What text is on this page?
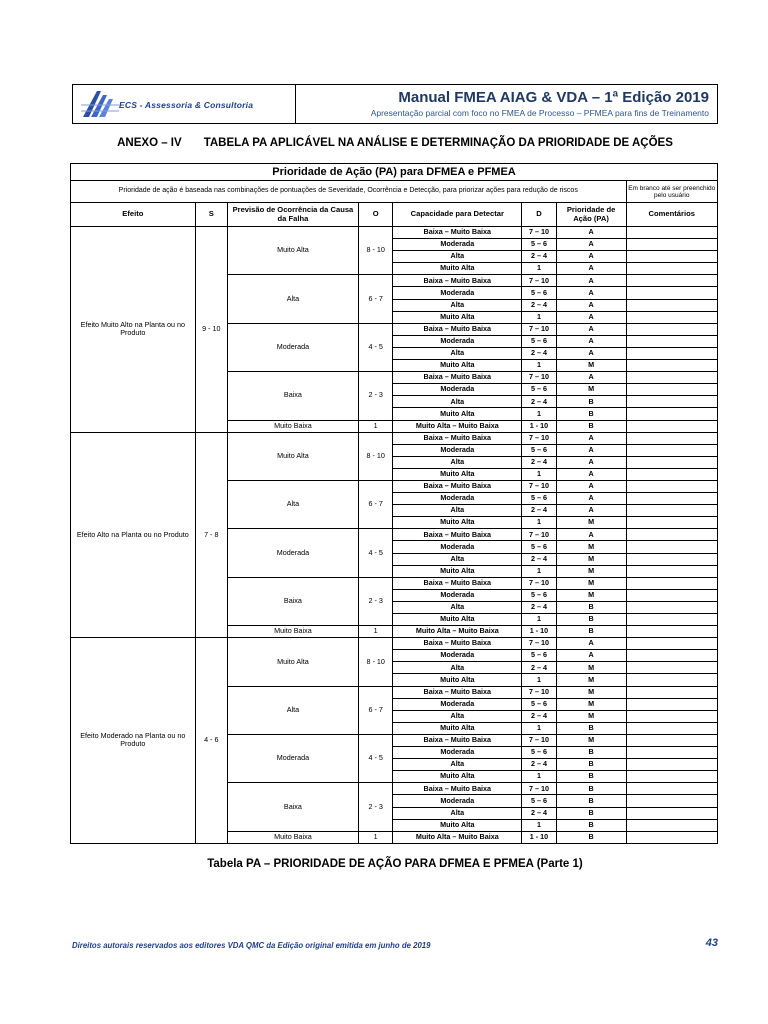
ECS - Assessoria & Consultoria	Manual FMEA AIAG & VDA – 1ª Edição 2019
Apresentação parcial com foco no FMEA de Processo – PFMEA para fins de Treinamento
ANEXO – IV TABELA PA APLICÁVEL NA ANÁLISE E DETERMINAÇÃO DA PRIORIDADE DE AÇÕES
Prioridade de Ação (PA) para DFMEA e PFMEA							
Prioridade de ação é baseada nas combinações de pontuações de Severidade, Ocorrência e Detecção, para priorizar ações para redução de riscos							Em branco até ser preenchido pelo usuário
Efeito	S	Previsão de Ocorrência da Causa da Falha	O	Capacidade para Detectar	D	Prioridade de Ação (PA)	Comentários
Efeito Muito Alto na Planta ou no Produto	9 - 10	Muito Alta	8 - 10	Baixa – Muito Baixa	7 – 10	A	
				Moderada	5 – 6	A	
				Alta	2 – 4	A	
				Muito Alta	1	A	
		Alta	6 - 7	Baixa – Muito Baixa	7 – 10	A	
				Moderada	5 – 6	A	
				Alta	2 – 4	A	
				Muito Alta	1	A	
		Moderada	4 - 5	Baixa – Muito Baixa	7 – 10	A	
				Moderada	5 – 6	A	
				Alta	2 – 4	A	
				Muito Alta	1	M	
		Baixa	2 - 3	Baixa – Muito Baixa	7 – 10	A	
				Moderada	5 – 6	M	
				Alta	2 – 4	B	
				Muito Alta	1	B	
		Muito Baixa	1	Muito Alta – Muito Baixa	1 - 10	B	
Efeito Alto na Planta ou no Produto	7 - 8	Muito Alta	8 - 10	Baixa – Muito Baixa	7 – 10	A	
				Moderada	5 – 6	A	
				Alta	2 – 4	A	
				Muito Alta	1	A	
		Alta	6 - 7	Baixa – Muito Baixa	7 – 10	A	
				Moderada	5 – 6	A	
				Alta	2 – 4	A	
				Muito Alta	1	M	
		Moderada	4 - 5	Baixa – Muito Baixa	7 – 10	A	
				Moderada	5 – 6	M	
				Alta	2 – 4	M	
				Muito Alta	1	M	
		Baixa	2 - 3	Baixa – Muito Baixa	7 – 10	M	
				Moderada	5 – 6	M	
				Alta	2 – 4	B	
				Muito Alta	1	B	
		Muito Baixa	1	Muito Alta – Muito Baixa	1 - 10	B	
Efeito Moderado na Planta ou no Produto	4 - 6	Muito Alta	8 - 10	Baixa – Muito Baixa	7 – 10	A	
				Moderada	5 – 6	A	
				Alta	2 – 4	M	
				Muito Alta	1	M	
		Alta	6 - 7	Baixa – Muito Baixa	7 – 10	M	
				Moderada	5 – 6	M	
				Alta	2 – 4	M	
				Muito Alta	1	B	
		Moderada	4 - 5	Baixa – Muito Baixa	7 – 10	M	
				Moderada	5 – 6	B	
				Alta	2 – 4	B	
				Muito Alta	1	B	
		Baixa	2 - 3	Baixa – Muito Baixa	7 – 10	B	
				Moderada	5 – 6	B	
				Alta	2 – 4	B	
				Muito Alta	1	B	
		Muito Baixa	1	Muito Alta – Muito Baixa	1 - 10	B	
Tabela PA – PRIORIDADE DE AÇÃO PARA DFMEA E PFMEA (Parte 1)
Direitos autorais reservados aos editores VDA QMC da Edição original emitida em junho de 2019	43
